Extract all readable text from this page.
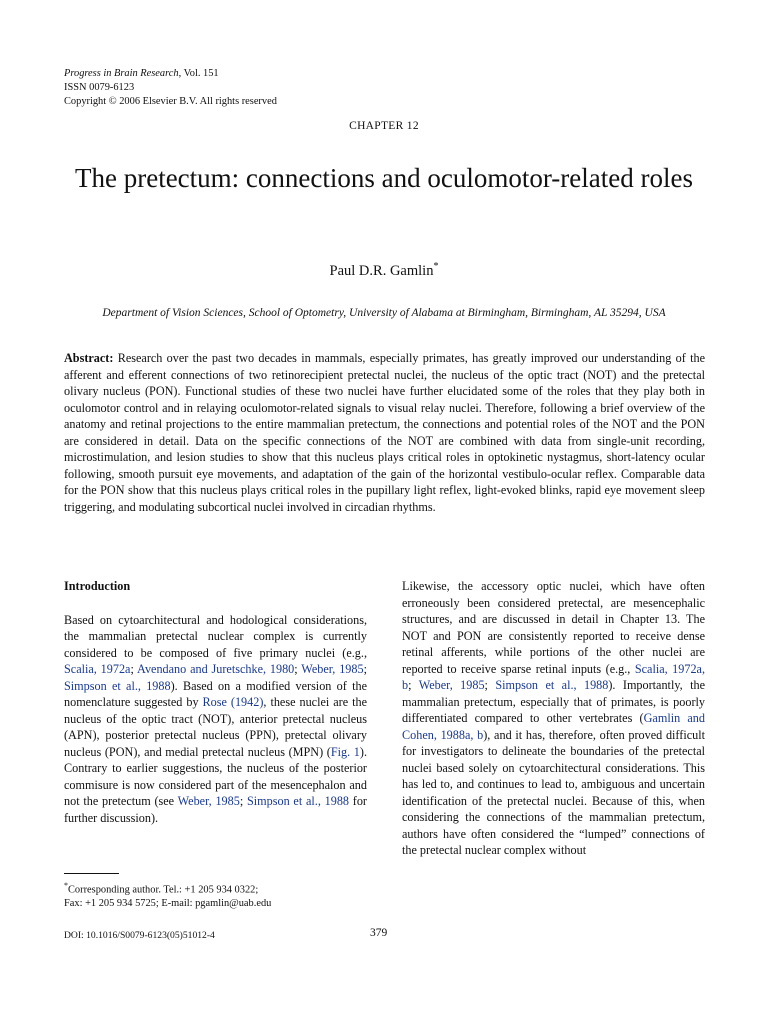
Progress in Brain Research, Vol. 151
ISSN 0079-6123
Copyright © 2006 Elsevier B.V. All rights reserved
CHAPTER 12
The pretectum: connections and oculomotor-related roles
Paul D.R. Gamlin*
Department of Vision Sciences, School of Optometry, University of Alabama at Birmingham, Birmingham, AL 35294, USA
Abstract: Research over the past two decades in mammals, especially primates, has greatly improved our understanding of the afferent and efferent connections of two retinorecipient pretectal nuclei, the nucleus of the optic tract (NOT) and the pretectal olivary nucleus (PON). Functional studies of these two nuclei have further elucidated some of the roles that they play both in oculomotor control and in relaying oculomotor-related signals to visual relay nuclei. Therefore, following a brief overview of the anatomy and retinal projections to the entire mammalian pretectum, the connections and potential roles of the NOT and the PON are considered in detail. Data on the specific connections of the NOT are combined with data from single-unit recording, microstimulation, and lesion studies to show that this nucleus plays critical roles in optokinetic nystagmus, short-latency ocular following, smooth pursuit eye movements, and adaptation of the gain of the horizontal vestibulo-ocular reflex. Comparable data for the PON show that this nucleus plays critical roles in the pupillary light reflex, light-evoked blinks, rapid eye movement sleep triggering, and modulating subcortical nuclei involved in circadian rhythms.
Introduction

Based on cytoarchitectural and hodological considerations, the mammalian pretectal nuclear complex is currently considered to be composed of five primary nuclei (e.g., Scalia, 1972a; Avendano and Juretschke, 1980; Weber, 1985; Simpson et al., 1988). Based on a modified version of the nomenclature suggested by Rose (1942), these nuclei are the nucleus of the optic tract (NOT), anterior pretectal nucleus (APN), posterior pretectal nucleus (PPN), pretectal olivary nucleus (PON), and medial pretectal nucleus (MPN) (Fig. 1). Contrary to earlier suggestions, the nucleus of the posterior commisure is now considered part of the mesencephalon and not the pretectum (see Weber, 1985; Simpson et al., 1988 for further discussion).

Likewise, the accessory optic nuclei, which have often erroneously been considered pretectal, are mesencephalic structures, and are discussed in detail in Chapter 13. The NOT and PON are consistently reported to receive dense retinal afferents, while portions of the other nuclei are reported to receive sparse retinal inputs (e.g., Scalia, 1972a, b; Weber, 1985; Simpson et al., 1988). Importantly, the mammalian pretectum, especially that of primates, is poorly differentiated compared to other vertebrates (Gamlin and Cohen, 1988a, b), and it has, therefore, often proved difficult for investigators to delineate the boundaries of the pretectal nuclei based solely on cytoarchitectural considerations. This has led to, and continues to lead to, ambiguous and uncertain identification of the pretectal nuclei. Because of this, when considering the connections of the mammalian pretectum, authors have often considered the “lumped” connections of the pretectal nuclear complex without

*Corresponding author. Tel.: +1 205 934 0322;
Fax: +1 205 934 5725; E-mail: pgamlin@uab.edu
DOI: 10.1016/S0079-6123(05)51012-4	379
